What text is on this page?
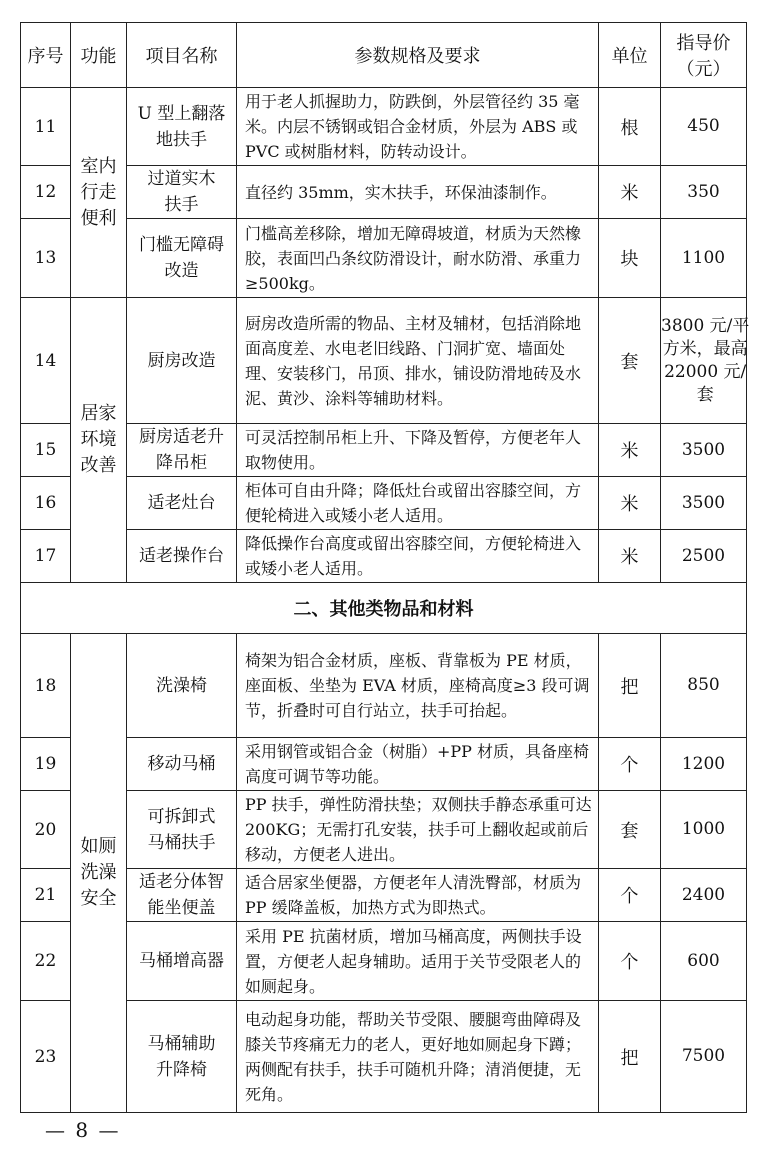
序号	功能	项目名称	参数规格及要求	单位	指导价（元）
11	室内行走便利	U 型上翻落地扶手	用于老人抓握助力，防跌倒，外层管径约 35 毫米。内层不锈钢或铝合金材质，外层为 ABS 或 PVC 或树脂材料，防转动设计。	根	450
12		过道实木扶手	直径约 35mm，实木扶手，环保油漆制作。	米	350
13		门槛无障碍改造	门槛高差移除，增加无障碍坡道，材质为天然橡胶，表面凹凸条纹防滑设计，耐水防滑、承重力≥500kg。	块	1100
14	居家环境改善	厨房改造	厨房改造所需的物品、主材及辅材，包括消除地面高度差、水电老旧线路、门洞扩宽、墙面处理、安装移门，吊顶、排水，铺设防滑地砖及水泥、黄沙、涂料等辅助材料。	套	3800 元/平方米，最高 22000 元/套
15		厨房适老升降吊柜	可灵活控制吊柜上升、下降及暂停，方便老年人取物使用。	米	3500
16		适老灶台	柜体可自由升降；降低灶台或留出容膝空间，方便轮椅进入或矮小老人适用。	米	3500
17		适老操作台	降低操作台高度或留出容膝空间，方便轮椅进入或矮小老人适用。	米	2500
二、其他类物品和材料					
18	如厕洗澡安全	洗澡椅	椅架为铝合金材质，座板、背靠板为 PE 材质，座面板、坐垫为 EVA 材质，座椅高度≥3 段可调节，折叠时可自行站立，扶手可抬起。	把	850
19		移动马桶	采用钢管或铝合金（树脂）+PP 材质，具备座椅高度可调节等功能。	个	1200
20		可拆卸式马桶扶手	PP 扶手，弹性防滑扶垫；双侧扶手静态承重可达 200KG；无需打孔安装，扶手可上翻收起或前后移动，方便老人进出。	套	1000
21		适老分体智能坐便盖	适合居家坐便器，方便老年人清洗臀部，材质为 PP 缓降盖板，加热方式为即热式。	个	2400
22		马桶增高器	采用 PE 抗菌材质，增加马桶高度，两侧扶手设置，方便老人起身辅助。适用于关节受限老人的如厕起身。	个	600
23		马桶辅助升降椅	电动起身功能，帮助关节受限、腰腿弯曲障碍及膝关节疼痛无力的老人，更好地如厕起身下蹲；两侧配有扶手，扶手可随机升降；清消便捷，无死角。	把	7500
— 8 —
